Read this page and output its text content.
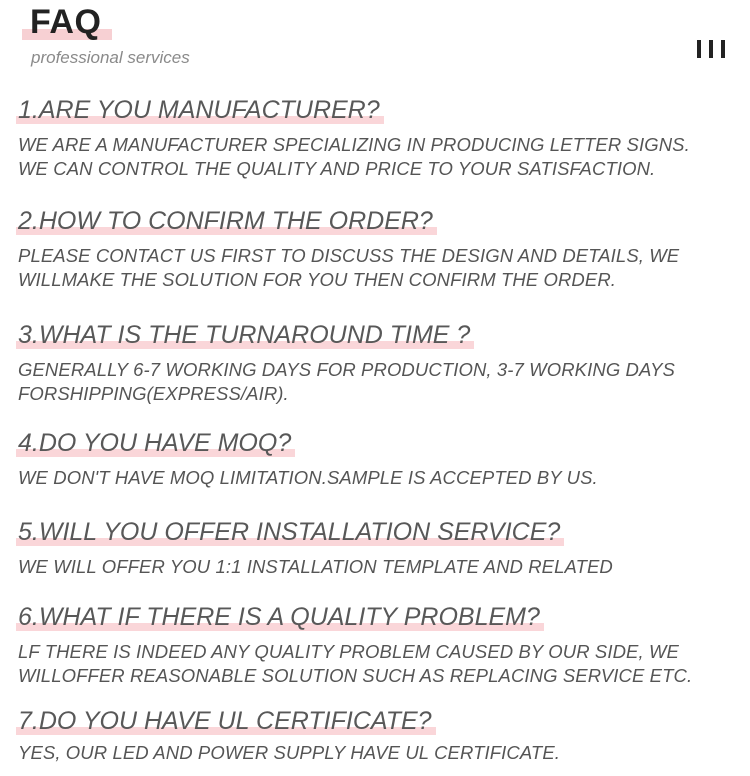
FAQ
professional services
1.ARE YOU MANUFACTURER?
WE ARE A MANUFACTURER SPECIALIZING IN PRODUCING LETTER SIGNS.
WE CAN CONTROL THE QUALITY AND PRICE TO YOUR SATISFACTION.
2.HOW TO CONFIRM THE ORDER?
PLEASE CONTACT US FIRST TO DISCUSS THE DESIGN AND DETAILS, WE
WILLMAKE THE SOLUTION FOR YOU THEN CONFIRM THE ORDER.
3.WHAT IS THE TURNAROUND TIME ?
GENERALLY 6-7 WORKING DAYS FOR PRODUCTION, 3-7 WORKING DAYS
FORSHIPPING(EXPRESS/AIR).
4.DO YOU HAVE MOQ?
WE DON'T HAVE MOQ LIMITATION.SAMPLE IS ACCEPTED BY US.
5.WILL YOU OFFER INSTALLATION SERVICE?
WE WILL OFFER YOU 1:1 INSTALLATION TEMPLATE AND RELATED
6.WHAT IF THERE IS A QUALITY PROBLEM?
LF THERE IS INDEED ANY QUALITY PROBLEM CAUSED BY OUR SIDE, WE
WILLOFFER REASONABLE SOLUTION SUCH AS REPLACING SERVICE ETC.
7.DO YOU HAVE UL CERTIFICATE?
YES, OUR LED AND POWER SUPPLY HAVE UL CERTIFICATE.
